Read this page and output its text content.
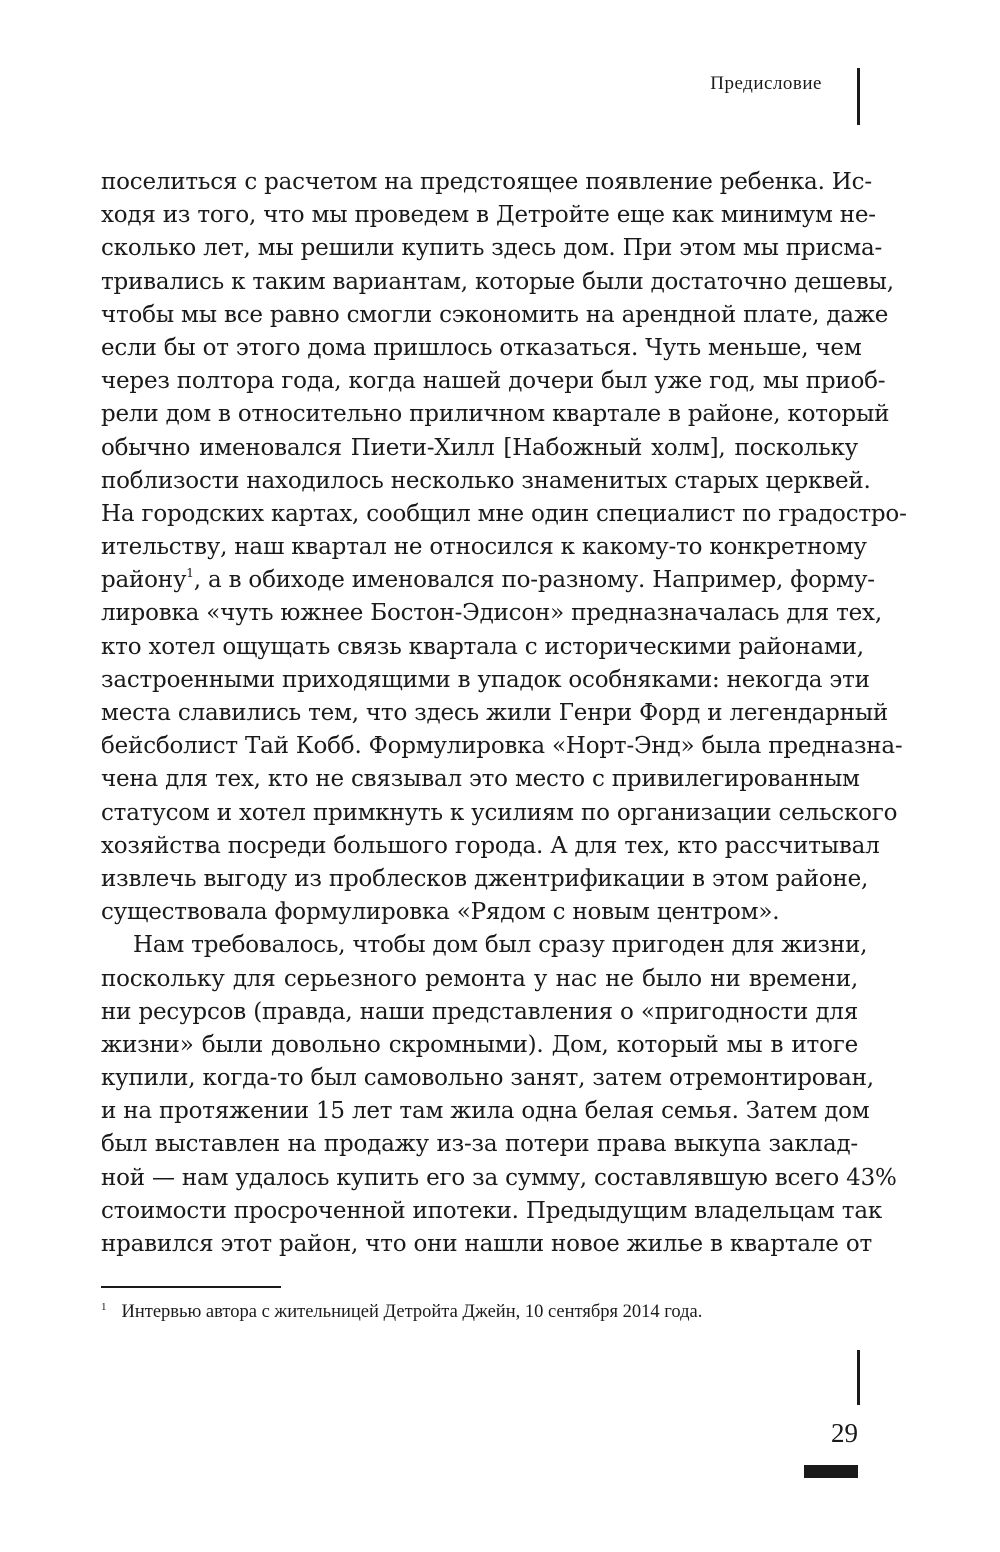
Предисловие
поселиться с расчетом на предстоящее появление ребенка. Ис-
ходя из того, что мы проведем в Детройте еще как минимум не-
сколько лет, мы решили купить здесь дом. При этом мы присма-
тривались к таким вариантам, которые были достаточно дешевы,
чтобы мы все равно смогли сэкономить на арендной плате, даже
если бы от этого дома пришлось отказаться. Чуть меньше, чем
через полтора года, когда нашей дочери был уже год, мы приоб-
рели дом в относительно приличном квартале в районе, который
обычно именовался Пиети-Хилл [Набожный холм], поскольку
поблизости находилось несколько знаменитых старых церквей.
На городских картах, сообщил мне один специалист по градостро-
ительству, наш квартал не относился к какому-то конкретному
району$^1$, а в обиходе именовался по-разному. Например, форму-
лировка «чуть южнее Бостон-Эдисон» предназначалась для тех,
кто хотел ощущать связь квартала с историческими районами,
застроенными приходящими в упадок особняками: некогда эти
места славились тем, что здесь жили Генри Форд и легендарный
бейсболист Тай Кобб. Формулировка «Норт-Энд» была предназна-
чена для тех, кто не связывал это место с привилегированным
статусом и хотел примкнуть к усилиям по организации сельского
хозяйства посреди большого города. А для тех, кто рассчитывал
извлечь выгоду из проблесков джентрификации в этом районе,
существовала формулировка «Рядом с новым центром».
Нам требовалось, чтобы дом был сразу пригоден для жизни,
поскольку для серьезного ремонта у нас не было ни времени,
ни ресурсов (правда, наши представления о «пригодности для
жизни» были довольно скромными). Дом, который мы в итоге
купили, когда-то был самовольно занят, затем отремонтирован,
и на протяжении 15 лет там жила одна белая семья. Затем дом
был выставлен на продажу из-за потери права выкупа заклад-
ной — нам удалось купить его за сумму, составлявшую всего 43%
стоимости просроченной ипотеки. Предыдущим владельцам так
нравился этот район, что они нашли новое жилье в квартале от
$^1$ Интервью автора с жительницей Детройта Джейн, 10 сентября 2014 года.
29
